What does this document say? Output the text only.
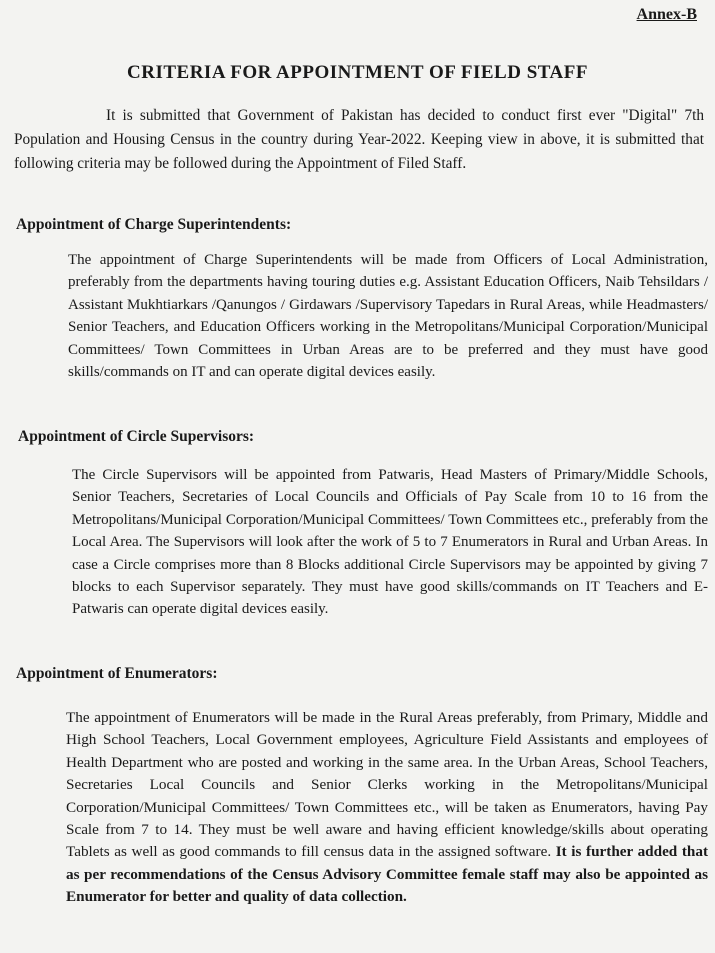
Annex-B
CRITERIA FOR APPOINTMENT OF FIELD STAFF
It is submitted that Government of Pakistan has decided to conduct first ever "Digital" 7th Population and Housing Census in the country during Year-2022. Keeping view in above, it is submitted that following criteria may be followed during the Appointment of Filed Staff.
Appointment of Charge Superintendents:
The appointment of Charge Superintendents will be made from Officers of Local Administration, preferably from the departments having touring duties e.g. Assistant Education Officers, Naib Tehsildars / Assistant Mukhtiarkars /Qanungos / Girdawars /Supervisory Tapedars in Rural Areas, while Headmasters/ Senior Teachers, and Education Officers working in the Metropolitans/Municipal Corporation/Municipal Committees/ Town Committees in Urban Areas are to be preferred and they must have good skills/commands on IT and can operate digital devices easily.
Appointment of Circle Supervisors:
The Circle Supervisors will be appointed from Patwaris, Head Masters of Primary/Middle Schools, Senior Teachers, Secretaries of Local Councils and Officials of Pay Scale from 10 to 16 from the Metropolitans/Municipal Corporation/Municipal Committees/ Town Committees etc., preferably from the Local Area. The Supervisors will look after the work of 5 to 7 Enumerators in Rural and Urban Areas. In case a Circle comprises more than 8 Blocks additional Circle Supervisors may be appointed by giving 7 blocks to each Supervisor separately. They must have good skills/commands on IT Teachers and E-Patwaris can operate digital devices easily.
Appointment of Enumerators:
The appointment of Enumerators will be made in the Rural Areas preferably, from Primary, Middle and High School Teachers, Local Government employees, Agriculture Field Assistants and employees of Health Department who are posted and working in the same area. In the Urban Areas, School Teachers, Secretaries Local Councils and Senior Clerks working in the Metropolitans/Municipal Corporation/Municipal Committees/ Town Committees etc., will be taken as Enumerators, having Pay Scale from 7 to 14. They must be well aware and having efficient knowledge/skills about operating Tablets as well as good commands to fill census data in the assigned software. It is further added that as per recommendations of the Census Advisory Committee female staff may also be appointed as Enumerator for better and quality of data collection.
